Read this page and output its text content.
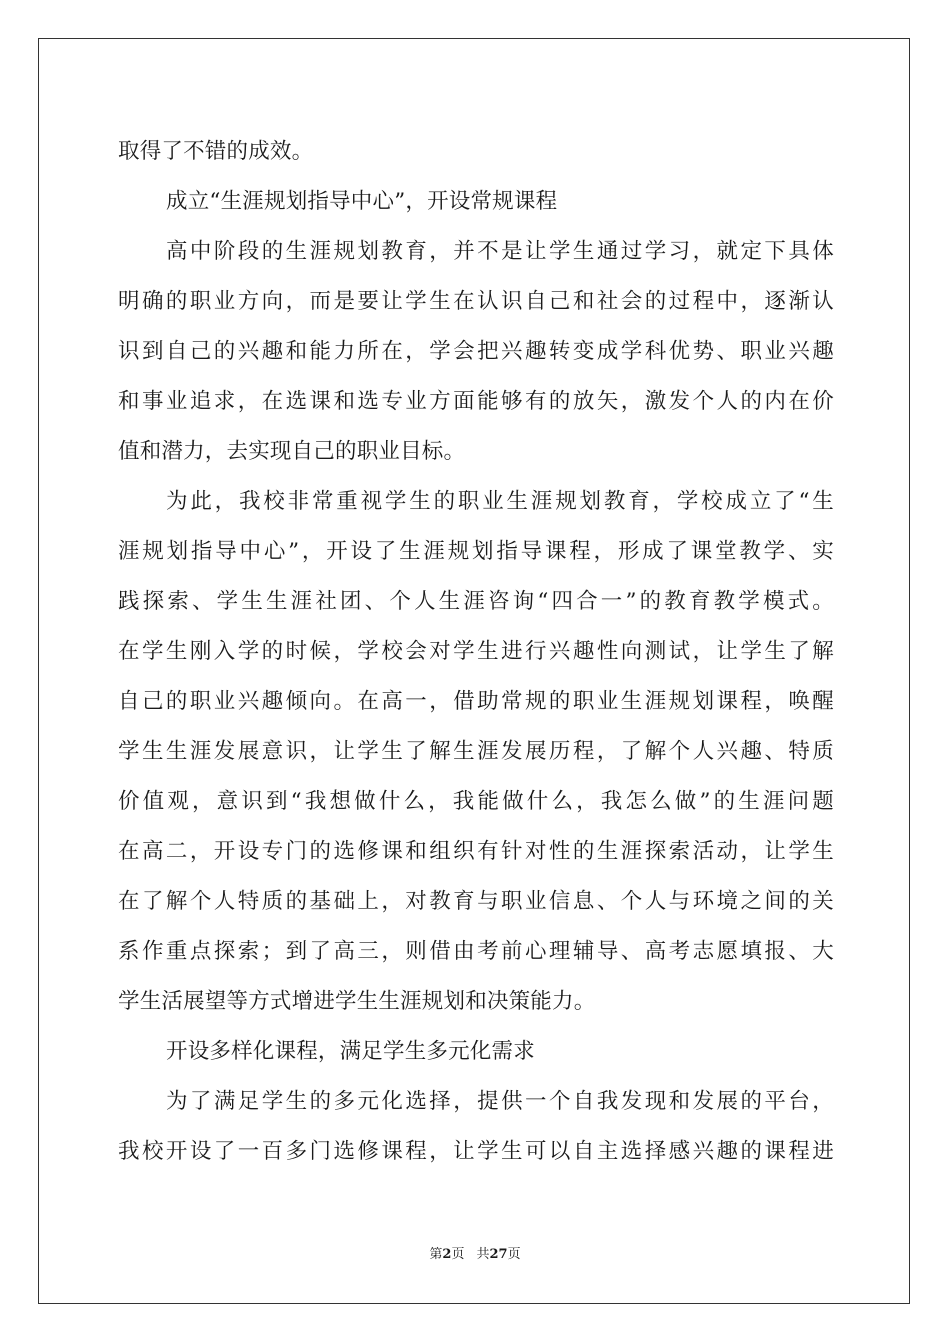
取得了不错的成效。

成立“生涯规划指导中心”，开设常规课程

高中阶段的生涯规划教育，并不是让学生通过学习，就定下具体

明确的职业方向，而是要让学生在认识自己和社会的过程中，逐渐认

识到自己的兴趣和能力所在，学会把兴趣转变成学科优势、职业兴趣

和事业追求，在选课和选专业方面能够有的放矢，激发个人的内在价

值和潜力，去实现自己的职业目标。

为此，我校非常重视学生的职业生涯规划教育，学校成立了“生

涯规划指导中心”，开设了生涯规划指导课程，形成了课堂教学、实

践探索、学生生涯社团、个人生涯咨询“四合一”的教育教学模式。

在学生刚入学的时候，学校会对学生进行兴趣性向测试，让学生了解

自己的职业兴趣倾向。在高一，借助常规的职业生涯规划课程，唤醒

学生生涯发展意识，让学生了解生涯发展历程，了解个人兴趣、特质

价值观，意识到“我想做什么，我能做什么，我怎么做”的生涯问题

在高二，开设专门的选修课和组织有针对性的生涯探索活动，让学生

在了解个人特质的基础上，对教育与职业信息、个人与环境之间的关

系作重点探索；到了高三，则借由考前心理辅导、高考志愿填报、大

学生活展望等方式增进学生生涯规划和决策能力。

开设多样化课程，满足学生多元化需求

为了满足学生的多元化选择，提供一个自我发现和发展的平台，

我校开设了一百多门选修课程，让学生可以自主选择感兴趣的课程进

第2页 共27页
